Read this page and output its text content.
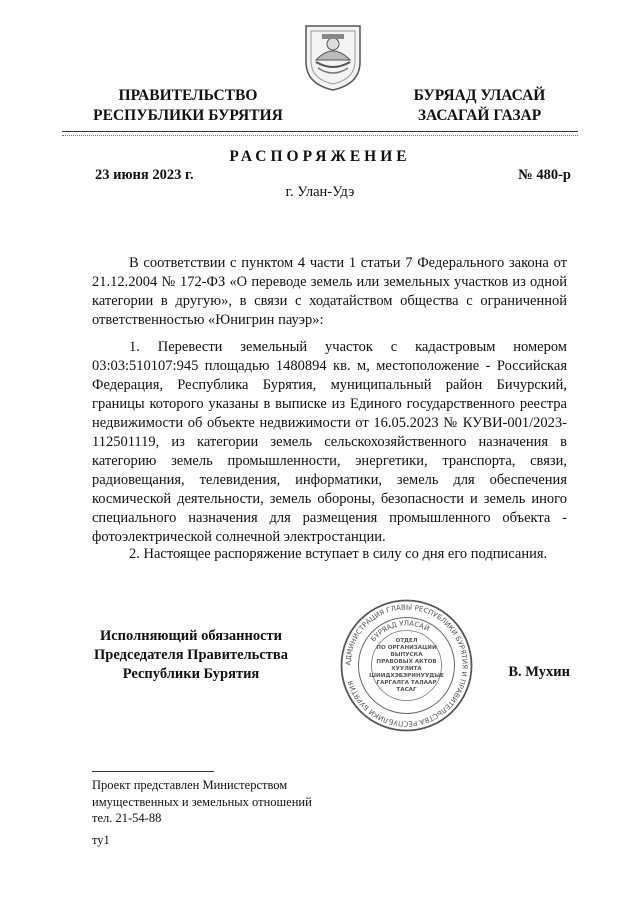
ПРАВИТЕЛЬСТВО
РЕСПУБЛИКИ БУРЯТИЯ
БУРЯАД УЛАСАЙ
ЗАСАГАЙ ГАЗАР
РАСПОРЯЖЕНИЕ
23 июня 2023 г.	№ 480-р
г. Улан-Удэ
В соответствии с пунктом 4 части 1 статьи 7 Федерального закона от 21.12.2004 № 172-ФЗ «О переводе земель или земельных участков из одной категории в другую», в связи с ходатайством общества с ограниченной ответственностью «Юнигрин пауэр»:
1. Перевести земельный участок с кадастровым номером 03:03:510107:945 площадью 1480894 кв. м, местоположение - Российская Федерация, Республика Бурятия, муниципальный район Бичурский, границы которого указаны в выписке из Единого государственного реестра недвижимости об объекте недвижимости от 16.05.2023 № КУВИ-001/2023-112501119, из категории земель сельскохозяйственного назначения в категорию земель промышленности, энергетики, транспорта, связи, радиовещания, телевидения, информатики, земель для обеспечения космической деятельности, земель обороны, безопасности и земель иного специального назначения для размещения промышленного объекта - фотоэлектрической солнечной электростанции.
2. Настоящее распоряжение вступает в силу со дня его подписания.
Исполняющий обязанности
Председателя Правительства
Республики Бурятия
АДМИНИСТРАЦИЯ ГЛАВЫ РЕСПУБЛИКИ БУРЯТИЯ И ПРАВИТЕЛЬСТВА РЕСПУБЛИКИ БУРЯТИЯ
БУРЯАД УЛАСАЙ
ОТДЕЛ
ПО ОРГАНИЗАЦИИ
ВЫПУСКА
ПРАВОВЫХ АКТОВ
ХУУЛИТА
ШИИДХЭБЭРИНУУДЫЕ
ГАРГАЛГА ТАЛААР
ТАСАГ
В. Мухин
Проект представлен Министерством
имущественных и земельных отношений
тел. 21-54-88
ту1
